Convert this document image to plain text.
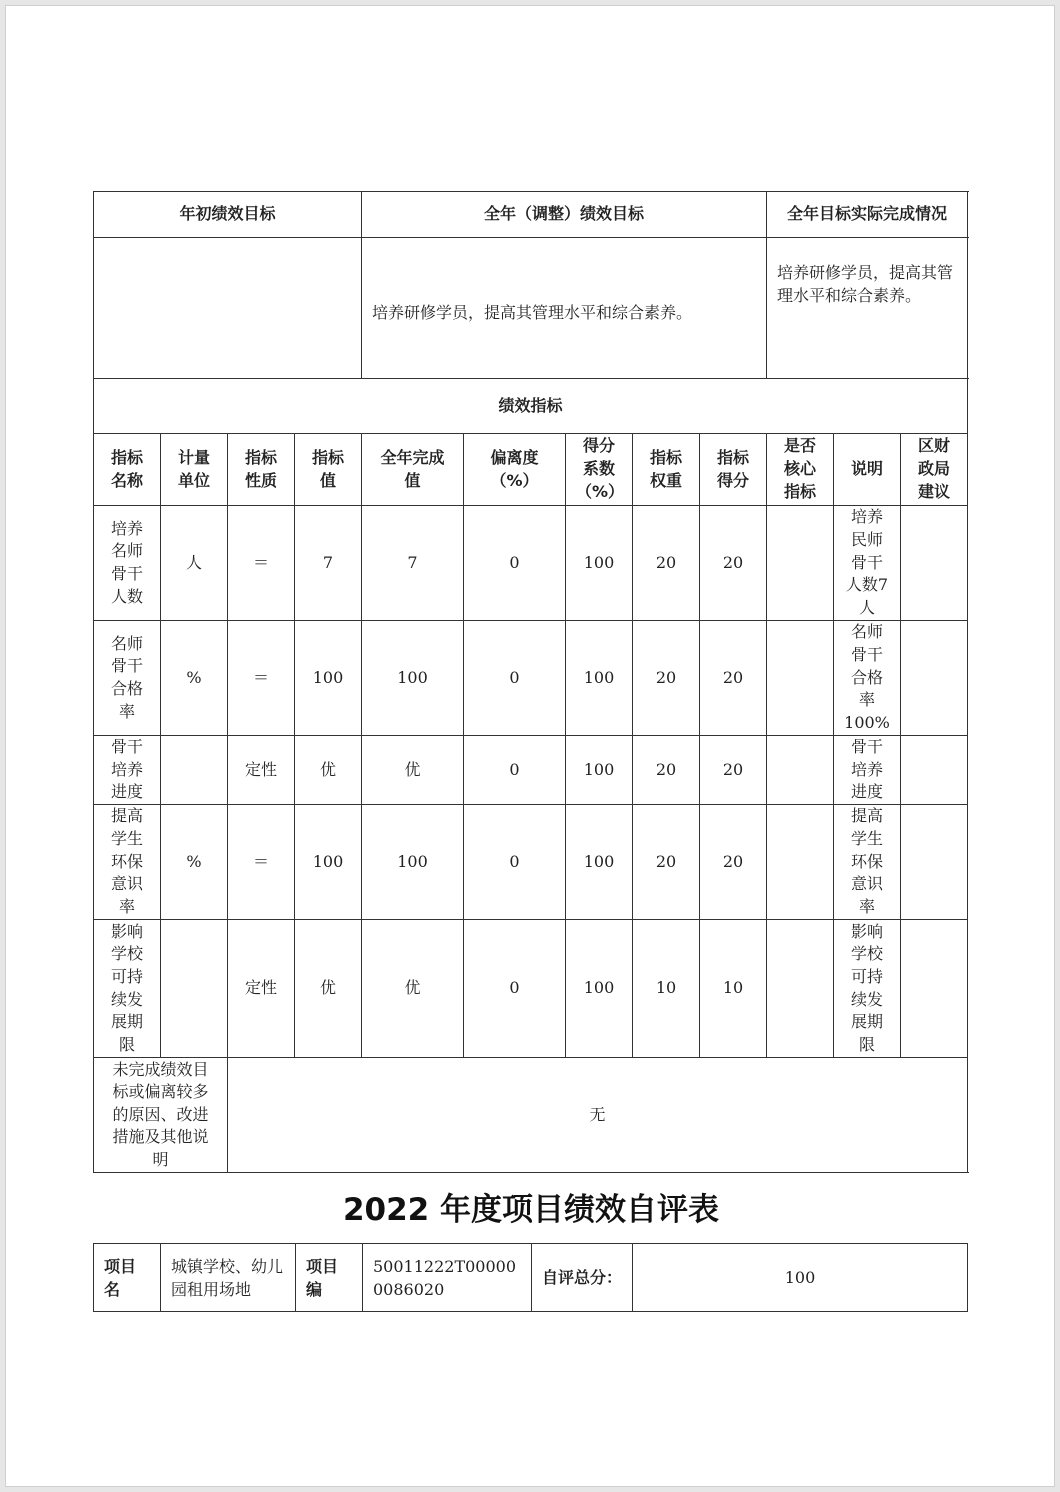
年初绩效目标				全年（调整）绩效目标					全年目标实际完成情况		
				培养研修学员，提高其管理水平和综合素养。					培养研修学员，提高其管理水平和综合素养。		
绩效指标											
指标名称	计量单位	指标性质	指标值	全年完成值	偏离度（%）	得分系数（%）	指标权重	指标得分	是否核心指标	说明	区财政局建议
培养名师骨干人数	人	＝	7	7	0	100	20	20		培养民师骨干人数7人	
名师骨干合格率	%	＝	100	100	0	100	20	20		名师骨干合格率100%	
骨干培养进度		定性	优	优	0	100	20	20		骨干培养进度	
提高学生环保意识率	%	＝	100	100	0	100	20	20		提高学生环保意识率	
影响学校可持续发展期限		定性	优	优	0	100	10	10		影响学校可持续发展期限	
未完成绩效目标或偏离较多的原因、改进措施及其他说明		无									
2022 年度项目绩效自评表
项目名	城镇学校、幼儿园租用场地	项目编	50011222T000000086020	自评总分：	100
